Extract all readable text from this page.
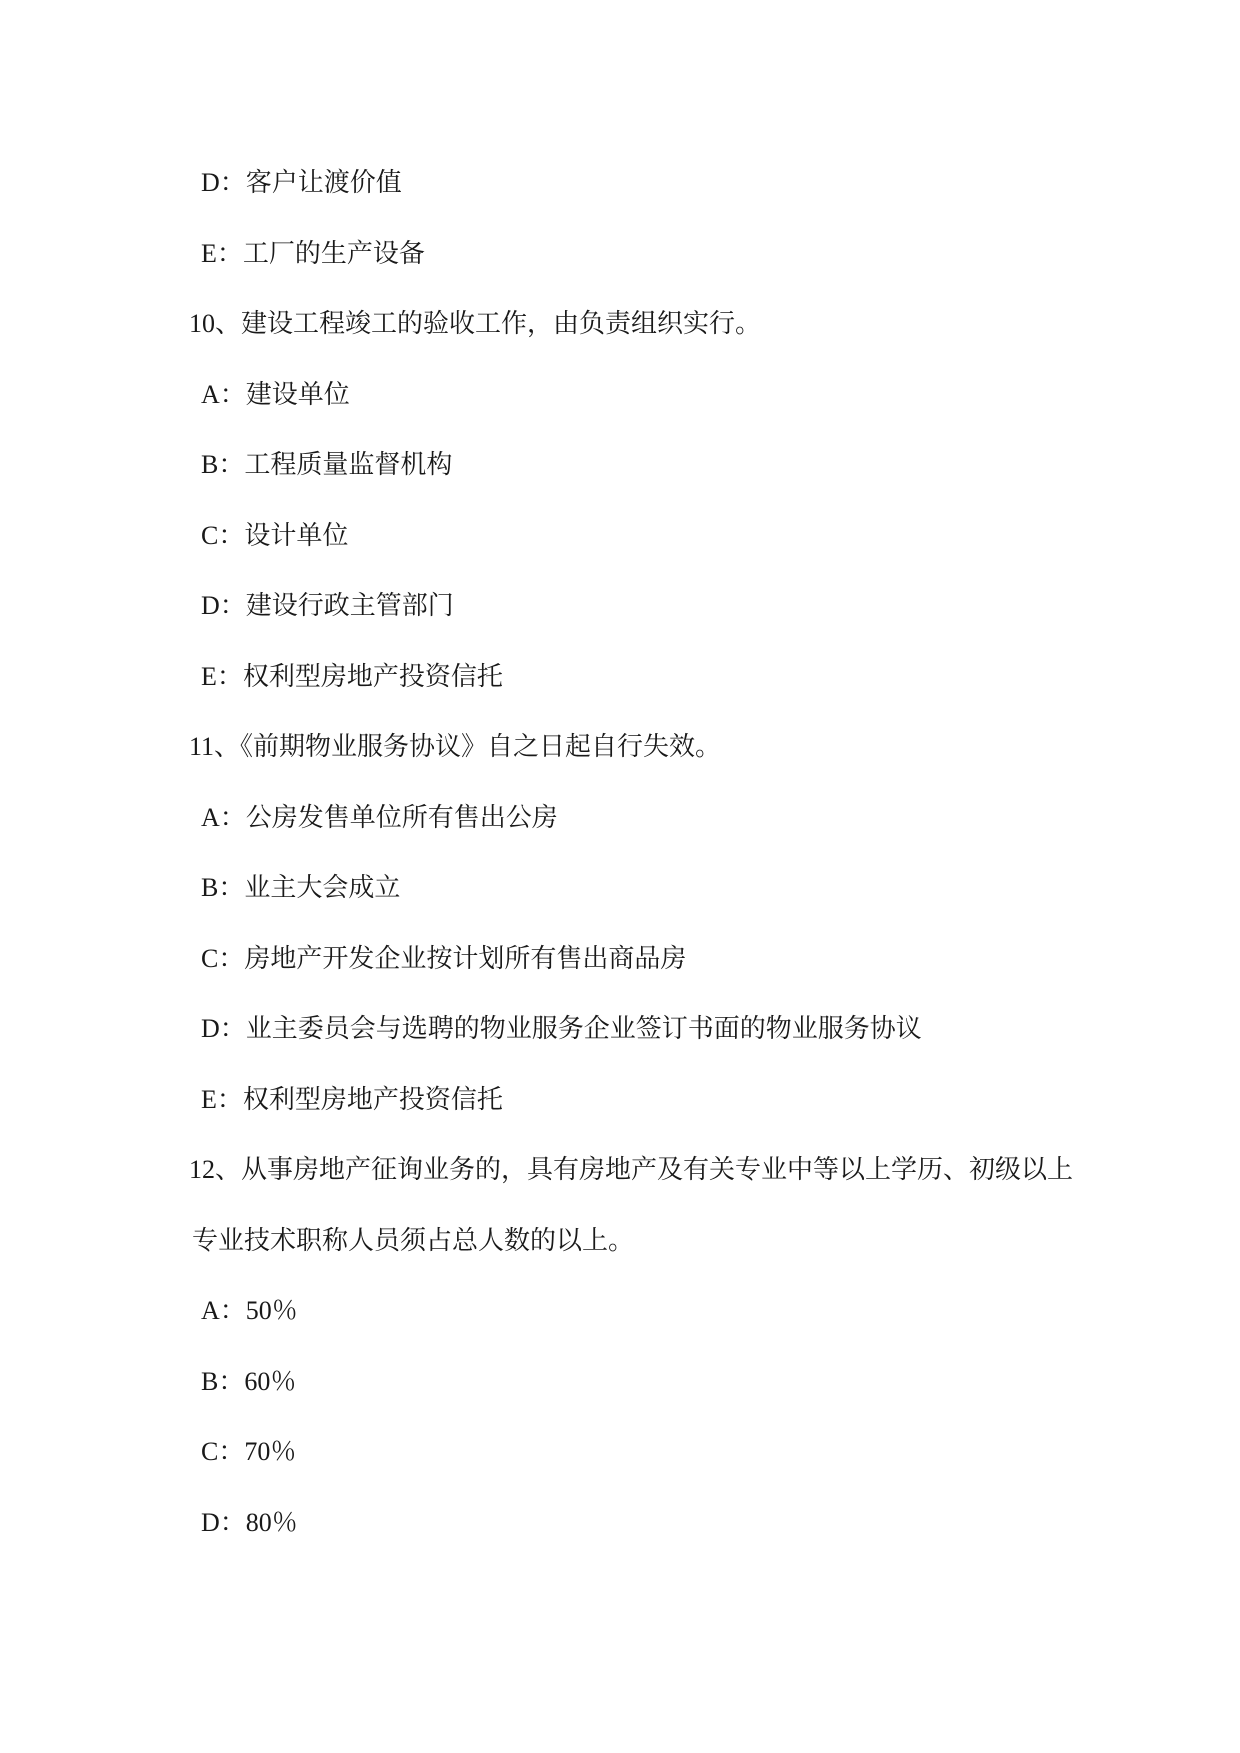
D：客户让渡价值
E：工厂的生产设备
10、建设工程竣工的验收工作，由负责组织实行。
A：建设单位
B：工程质量监督机构
C：设计单位
D：建设行政主管部门
E：权利型房地产投资信托
11、《前期物业服务协议》自之日起自行失效。
A：公房发售单位所有售出公房
B：业主大会成立
C：房地产开发企业按计划所有售出商品房
D：业主委员会与选聘的物业服务企业签订书面的物业服务协议
E：权利型房地产投资信托
12、从事房地产征询业务的，具有房地产及有关专业中等以上学历、初级以上
专业技术职称人员须占总人数的以上。
A：50％
B：60％
C：70％
D：80％
